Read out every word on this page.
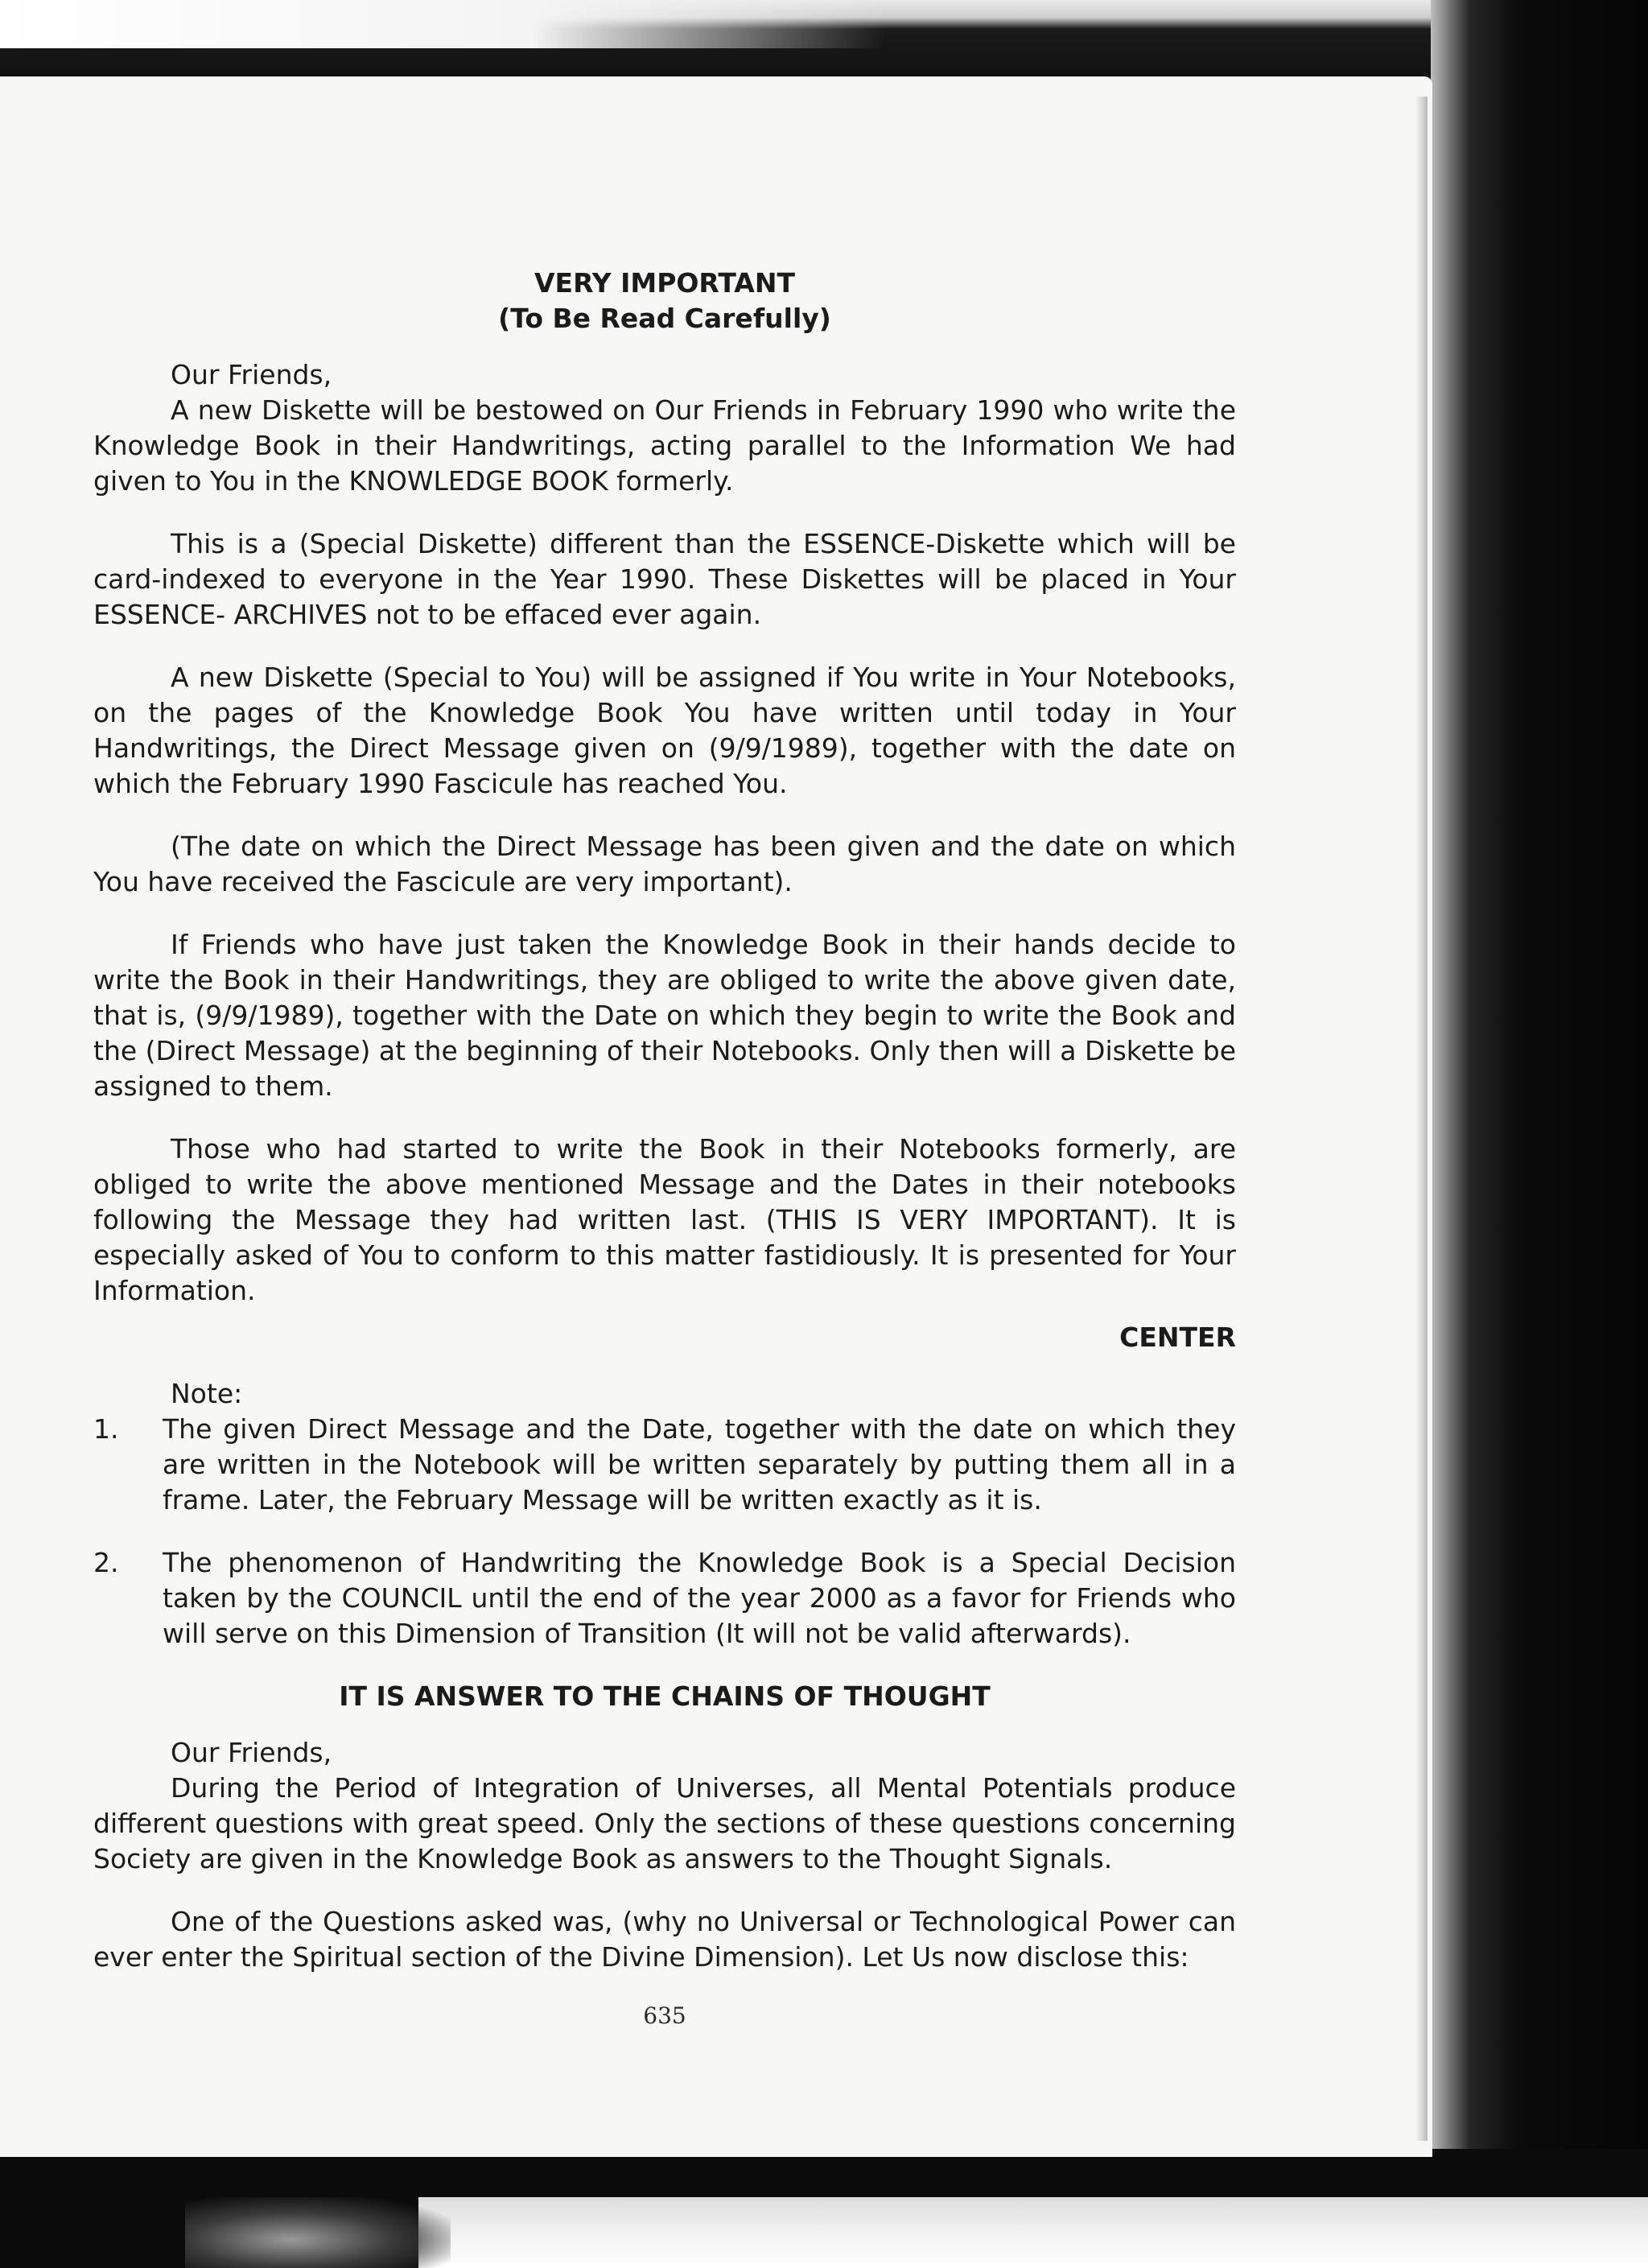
VERY IMPORTANT
(To Be Read Carefully)

Our Friends,

A new Diskette will be bestowed on Our Friends in February 1990 who write the Knowledge Book in their Handwritings, acting parallel to the Information We had given to You in the KNOWLEDGE BOOK formerly.

This is a (Special Diskette) different than the ESSENCE-Diskette which will be card-indexed to everyone in the Year 1990. These Diskettes will be placed in Your ESSENCE- ARCHIVES not to be effaced ever again.

A new Diskette (Special to You) will be assigned if You write in Your Notebooks, on the pages of the Knowledge Book You have written until today in Your Handwritings, the Direct Message given on (9/9/1989), together with the date on which the February 1990 Fascicule has reached You.

(The date on which the Direct Message has been given and the date on which You have received the Fascicule are very important).

If Friends who have just taken the Knowledge Book in their hands decide to write the Book in their Handwritings, they are obliged to write the above given date, that is, (9/9/1989), together with the Date on which they begin to write the Book and the (Direct Message) at the beginning of their Notebooks. Only then will a Diskette be assigned to them.

Those who had started to write the Book in their Notebooks formerly, are obliged to write the above mentioned Message and the Dates in their notebooks following the Message they had written last. (THIS IS VERY IMPORTANT). It is especially asked of You to conform to this matter fastidiously. It is presented for Your Information.

CENTER
Note:
1.	The given Direct Message and the Date, together with the date on which they are written in the Notebook will be written separately by putting them all in a frame. Later, the February Message will be written exactly as it is.
2.	The phenomenon of Handwriting the Knowledge Book is a Special Decision taken by the COUNCIL until the end of the year 2000 as a favor for Friends who will serve on this Dimension of Transition (It will not be valid afterwards).
IT IS ANSWER TO THE CHAINS OF THOUGHT

Our Friends,

During the Period of Integration of Universes, all Mental Potentials produce different questions with great speed. Only the sections of these questions concerning Society are given in the Knowledge Book as answers to the Thought Signals.

One of the Questions asked was, (why no Universal or Technological Power can ever enter the Spiritual section of the Divine Dimension). Let Us now disclose this:

635
